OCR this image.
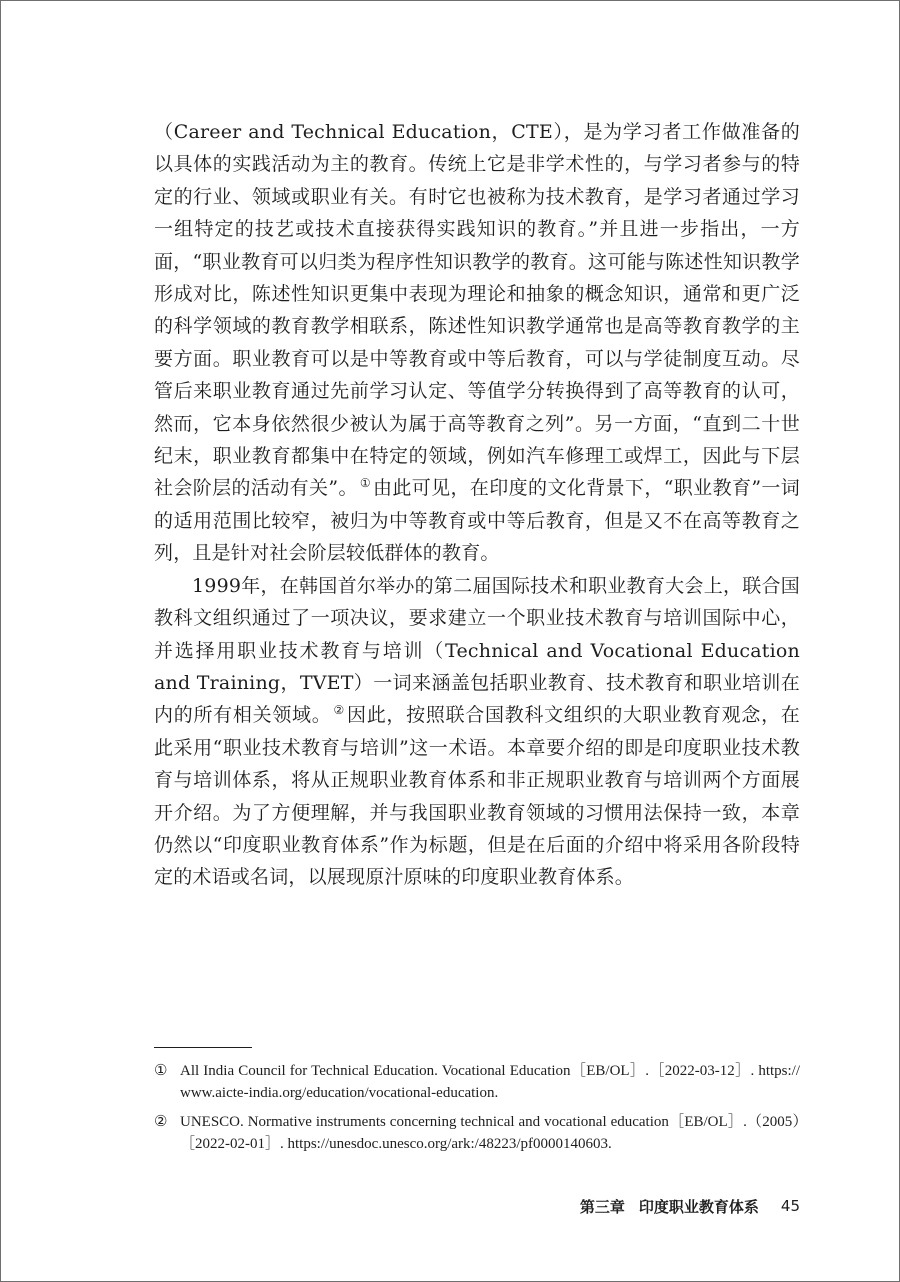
（Career and Technical Education，CTE），是为学习者工作做准备的以具体的实践活动为主的教育。传统上它是非学术性的，与学习者参与的特定的行业、领域或职业有关。有时它也被称为技术教育，是学习者通过学习一组特定的技艺或技术直接获得实践知识的教育。”并且进一步指出，一方面，“职业教育可以归类为程序性知识教学的教育。这可能与陈述性知识教学形成对比，陈述性知识更集中表现为理论和抽象的概念知识，通常和更广泛的科学领域的教育教学相联系，陈述性知识教学通常也是高等教育教学的主要方面。职业教育可以是中等教育或中等后教育，可以与学徒制度互动。尽管后来职业教育通过先前学习认定、等值学分转换得到了高等教育的认可，然而，它本身依然很少被认为属于高等教育之列”。另一方面，“直到二十世纪末，职业教育都集中在特定的领域，例如汽车修理工或焊工，因此与下层社会阶层的活动有关”。 ① 由此可见，在印度的文化背景下，“职业教育”一词的适用范围比较窄，被归为中等教育或中等后教育，但是又不在高等教育之列，且是针对社会阶层较低群体的教育。

1999年，在韩国首尔举办的第二届国际技术和职业教育大会上，联合国教科文组织通过了一项决议，要求建立一个职业技术教育与培训国际中心，并选择用职业技术教育与培训（Technical and Vocational Education and Training，TVET）一词来涵盖包括职业教育、技术教育和职业培训在内的所有相关领域。 ② 因此，按照联合国教科文组织的大职业教育观念，在此采用“职业技术教育与培训”这一术语。本章要介绍的即是印度职业技术教育与培训体系，将从正规职业教育体系和非正规职业教育与培训两个方面展开介绍。为了方便理解，并与我国职业教育领域的习惯用法保持一致，本章仍然以“印度职业教育体系”作为标题，但是在后面的介绍中将采用各阶段特定的术语或名词，以展现原汁原味的印度职业教育体系。

① All India Council for Technical Education. Vocational Education［EB/OL］.［2022-03-12］. https://www.aicte-india.org/education/vocational-education.
② UNESCO. Normative instruments concerning technical and vocational education［EB/OL］.（2005）［2022-02-01］. https://unesdoc.unesco.org/ark:/48223/pf0000140603.
第三章 印度职业教育体系 45
